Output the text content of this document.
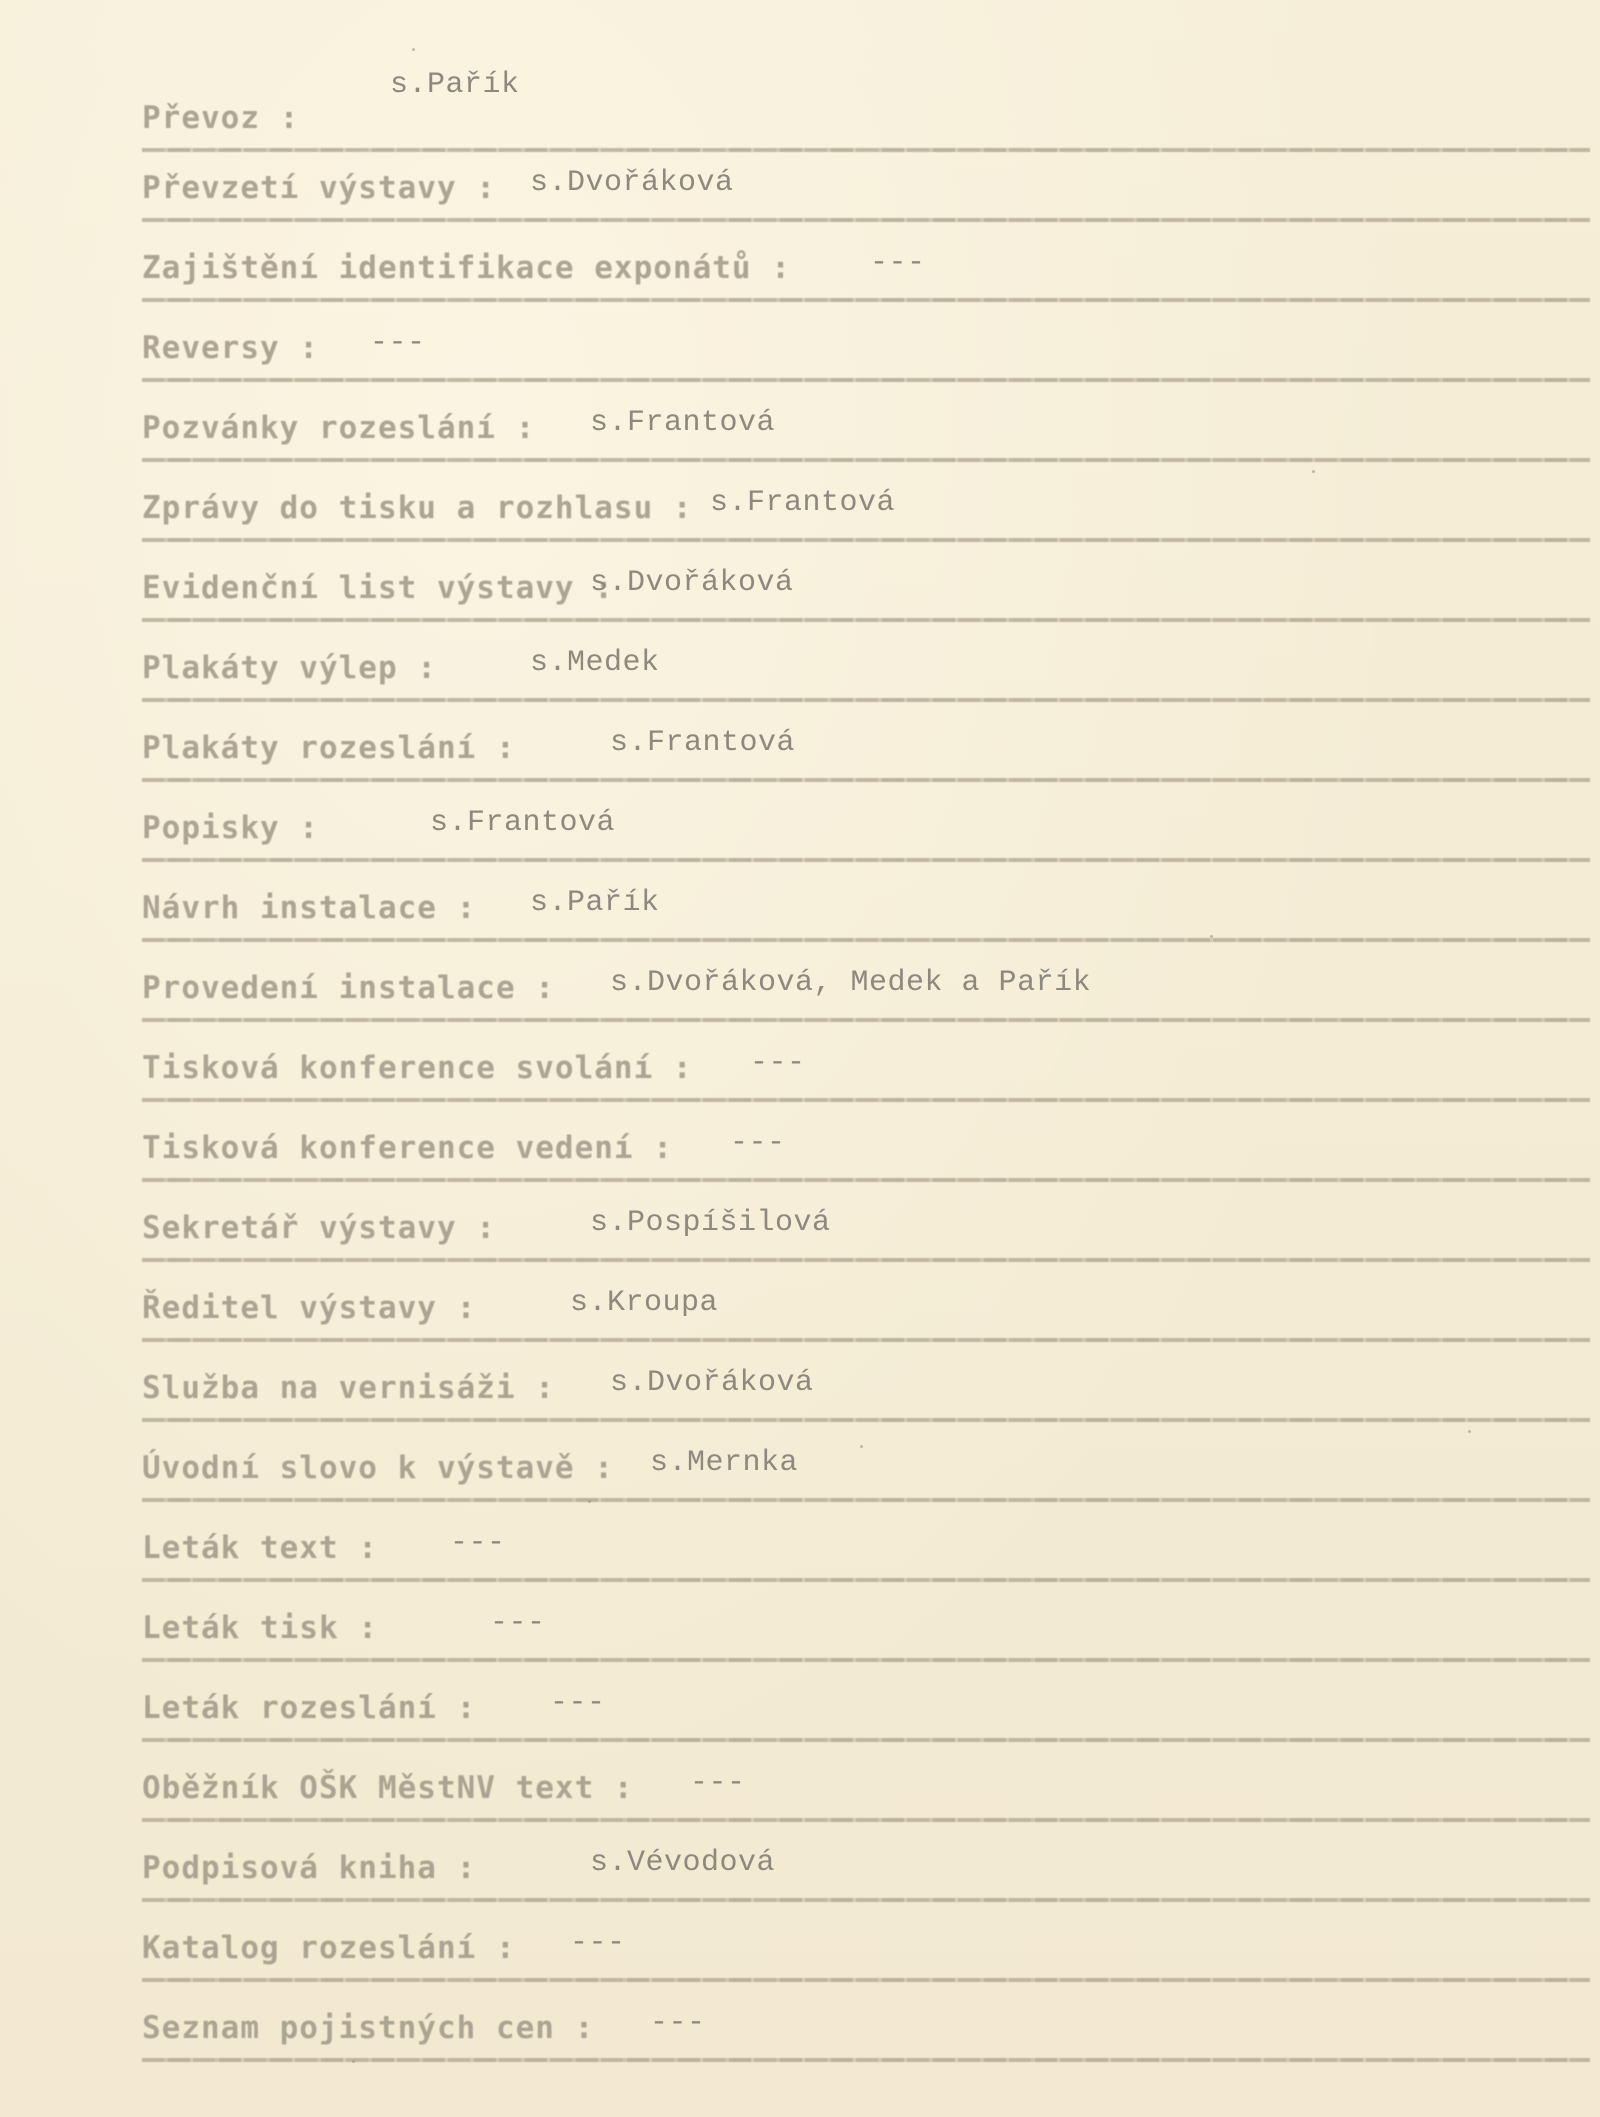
Převoz :
s.Pařík
Převzetí výstavy : s.Dvořáková
Zajištění identifikace exponátů :	---
Reversy : ---
Pozvánky rozeslání : s.Frantová
Zprávy do tisku a rozhlasu : s.Frantová
Evidenční list výstavy :
s.Dvořáková
Plakáty výlep :	s.Medek
Plakáty rozeslání :	s.Frantová
Popisky :	s.Frantová
Návrh instalace : s.Pařík
Provedení instalace : s.Dvořáková, Medek a Pařík
Tisková konference svolání : ---
Tisková konference vedení : ---
Sekretář výstavy :	s.Pospíšilová
Ředitel výstavy :	s.Kroupa
Služba na vernisáži : s.Dvořáková
Úvodní slovo k výstavě : s.Mernka
Leták text : ---
Leták tisk :	---
Leták rozeslání : ---
Oběžník OŠK MěstNV text : ---
Podpisová kniha :	s.Vévodová
Katalog rozeslání : ---
Seznam pojistných cen : ---
